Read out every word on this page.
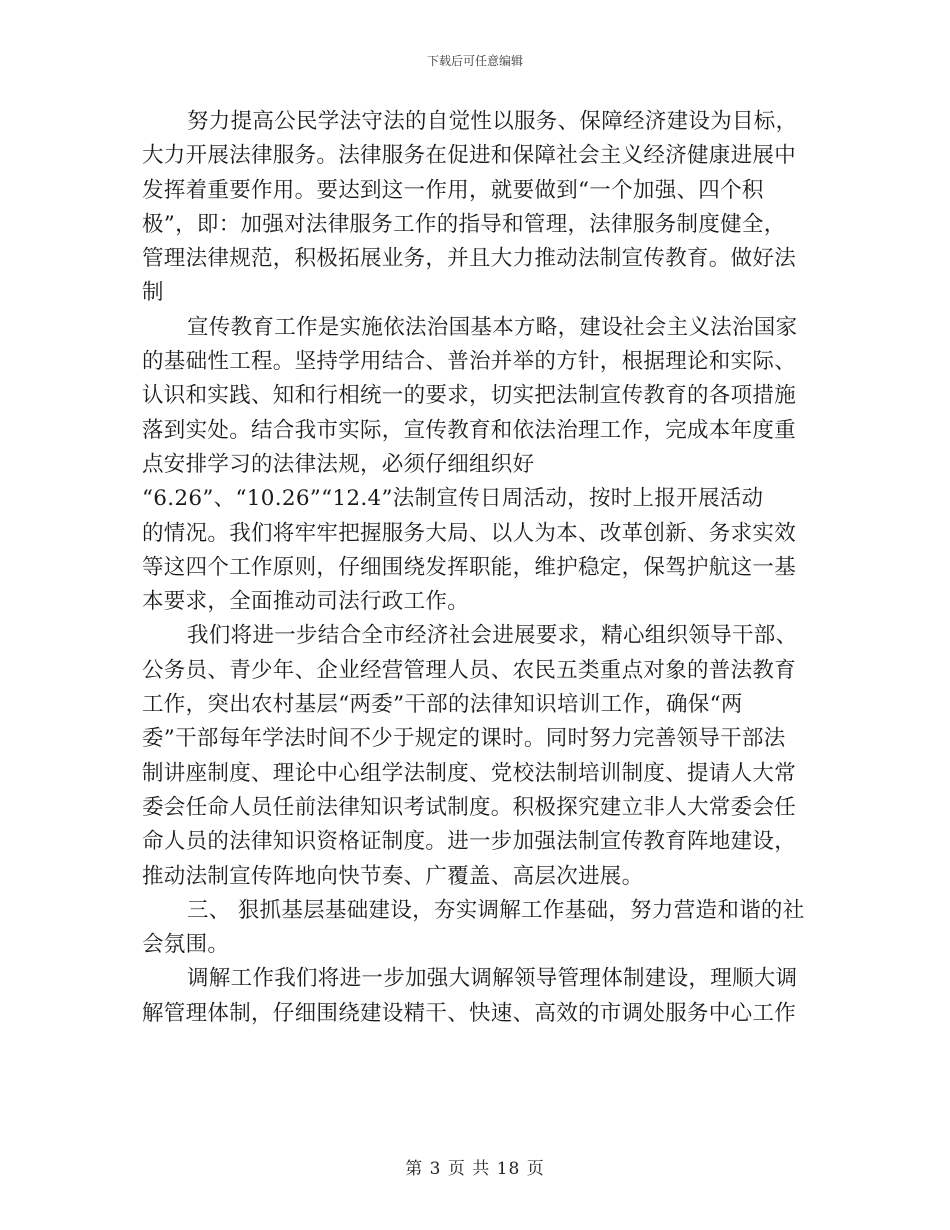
下载后可任意编辑
努力提高公民学法守法的自觉性以服务、保障经济建设为目标，
大力开展法律服务。法律服务在促进和保障社会主义经济健康进展中
发挥着重要作用。要达到这一作用，就要做到“一个加强、四个积
极”，即：加强对法律服务工作的指导和管理，法律服务制度健全，
管理法律规范，积极拓展业务，并且大力推动法制宣传教育。做好法
制
宣传教育工作是实施依法治国基本方略，建设社会主义法治国家
的基础性工程。坚持学用结合、普治并举的方针，根据理论和实际、
认识和实践、知和行相统一的要求，切实把法制宣传教育的各项措施
落到实处。结合我市实际，宣传教育和依法治理工作，完成本年度重
点安排学习的法律法规，必须仔细组织好
“6.26”、“10.26”“12.4”法制宣传日周活动，按时上报开展活动
的情况。我们将牢牢把握服务大局、以人为本、改革创新、务求实效
等这四个工作原则，仔细围绕发挥职能，维护稳定，保驾护航这一基
本要求，全面推动司法行政工作。
我们将进一步结合全市经济社会进展要求，精心组织领导干部、
公务员、青少年、企业经营管理人员、农民五类重点对象的普法教育
工作，突出农村基层“两委”干部的法律知识培训工作，确保“两
委”干部每年学法时间不少于规定的课时。同时努力完善领导干部法
制讲座制度、理论中心组学法制度、党校法制培训制度、提请人大常
委会任命人员任前法律知识考试制度。积极探究建立非人大常委会任
命人员的法律知识资格证制度。进一步加强法制宣传教育阵地建设，
推动法制宣传阵地向快节奏、广覆盖、高层次进展。
三、 狠抓基层基础建设，夯实调解工作基础，努力营造和谐的社
会氛围。
调解工作我们将进一步加强大调解领导管理体制建设，理顺大调
解管理体制，仔细围绕建设精干、快速、高效的市调处服务中心工作
第 3 页 共 18 页
